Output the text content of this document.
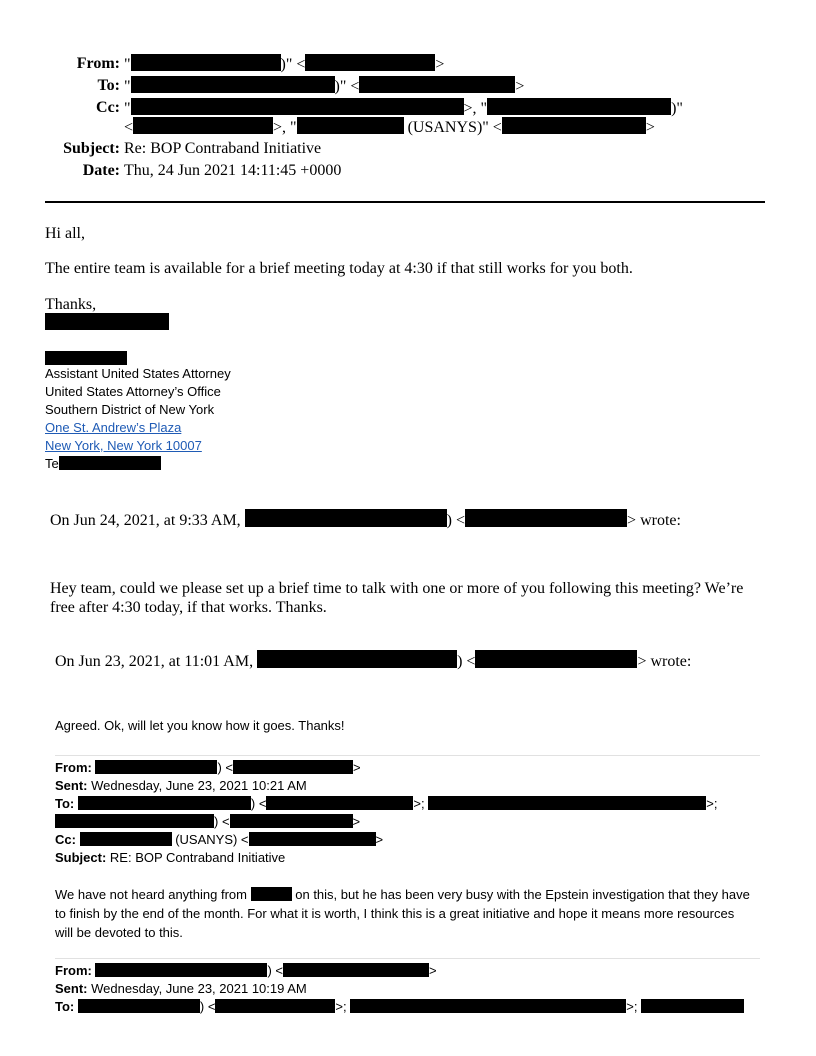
From: "	)" <	>
To: "	)" <	>
Cc: "	>, "	)"
<	>, "	(USANYS)" <	>
Subject: Re: BOP Contraband Initiative
Date: Thu, 24 Jun 2021 14:11:45 +0000
Hi all,
The entire team is available for a brief meeting today at 4:30 if that still works for you both.
Thanks,
Assistant United States Attorney
United States Attorney’s Office
Southern District of New York
One St. Andrew’s Plaza
New York, New York 10007
Te
On Jun 24, 2021, at 9:33 AM,	) <	> wrote:
Hey team, could we please set up a brief time to talk with one or more of you following this meeting? We’re free after 4:30 today, if that works. Thanks.
On Jun 23, 2021, at 11:01 AM,	) <	> wrote:
Agreed. Ok, will let you know how it goes. Thanks!
From:	) <	>
Sent: Wednesday, June 23, 2021 10:21 AM
To:	) <	>;	>;
) <	>
Cc:	(USANYS) <	>
Subject: RE: BOP Contraband Initiative
We have not heard anything from	on this, but he has been very busy with the Epstein investigation that they have to finish by the end of the month. For what it is worth, I think this is a great initiative and hope it means more resources will be devoted to this.
From:	) <	>
Sent: Wednesday, June 23, 2021 10:19 AM
To:	) <	>;	>;
